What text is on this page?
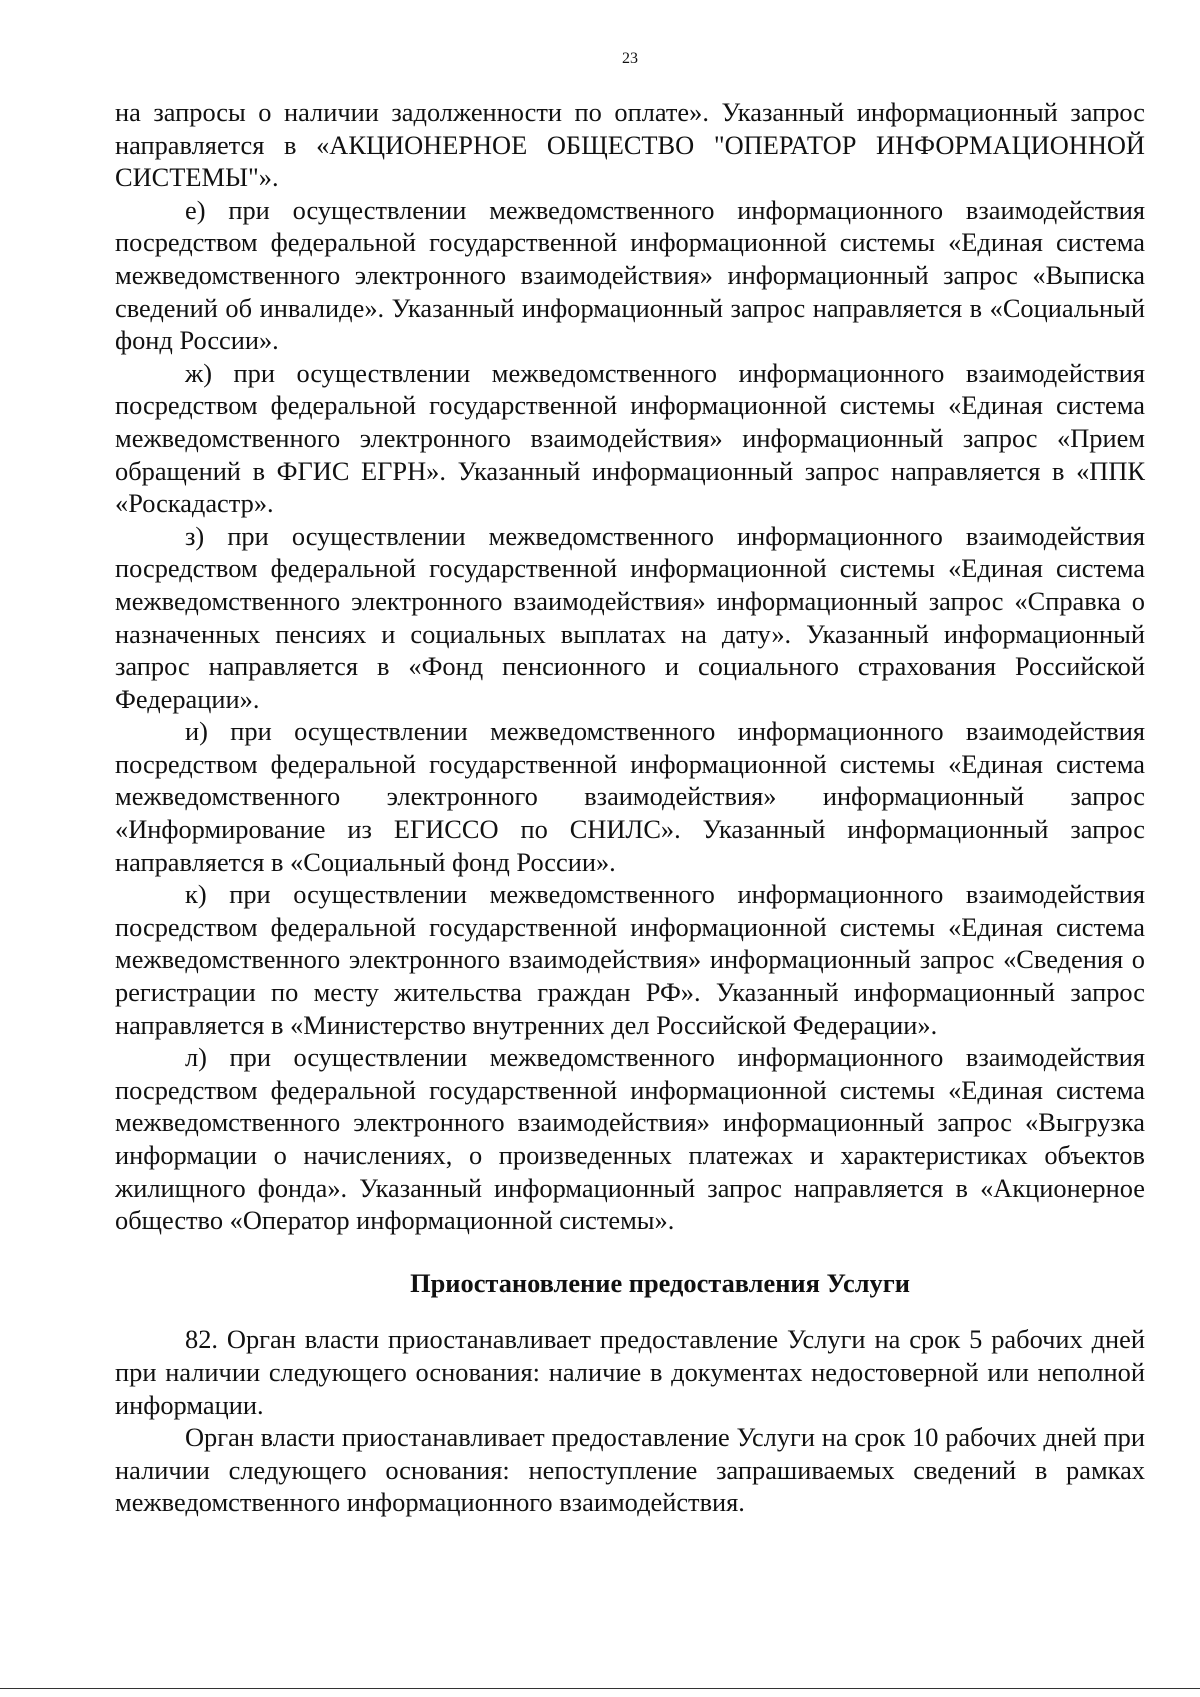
23

на запросы о наличии задолженности по оплате». Указанный информационный запрос направляется в «АКЦИОНЕРНОЕ ОБЩЕСТВО "ОПЕРАТОР ИНФОРМАЦИОННОЙ СИСТЕМЫ"».

е) при осуществлении межведомственного информационного взаимодействия посредством федеральной государственной информационной системы «Единая система межведомственного электронного взаимодействия» информационный запрос «Выписка сведений об инвалиде». Указанный информационный запрос направляется в «Социальный фонд России».

ж) при осуществлении межведомственного информационного взаимодействия посредством федеральной государственной информационной системы «Единая система межведомственного электронного взаимодействия» информационный запрос «Прием обращений в ФГИС ЕГРН». Указанный информационный запрос направляется в «ППК «Роскадастр».

з) при осуществлении межведомственного информационного взаимодействия посредством федеральной государственной информационной системы «Единая система межведомственного электронного взаимодействия» информационный запрос «Справка о назначенных пенсиях и социальных выплатах на дату». Указанный информационный запрос направляется в «Фонд пенсионного и социального страхования Российской Федерации».

и) при осуществлении межведомственного информационного взаимодействия посредством федеральной государственной информационной системы «Единая система межведомственного электронного взаимодействия» информационный запрос «Информирование из ЕГИССО по СНИЛС». Указанный информационный запрос направляется в «Социальный фонд России».

к) при осуществлении межведомственного информационного взаимодействия посредством федеральной государственной информационной системы «Единая система межведомственного электронного взаимодействия» информационный запрос «Сведения о регистрации по месту жительства граждан РФ». Указанный информационный запрос направляется в «Министерство внутренних дел Российской Федерации».

л) при осуществлении межведомственного информационного взаимодействия посредством федеральной государственной информационной системы «Единая система межведомственного электронного взаимодействия» информационный запрос «Выгрузка информации о начислениях, о произведенных платежах и характеристиках объектов жилищного фонда». Указанный информационный запрос направляется в «Акционерное общество «Оператор информационной системы».

Приостановление предоставления Услуги

82. Орган власти приостанавливает предоставление Услуги на срок 5 рабочих дней при наличии следующего основания: наличие в документах недостоверной или неполной информации.

Орган власти приостанавливает предоставление Услуги на срок 10 рабочих дней при наличии следующего основания: непоступление запрашиваемых сведений в рамках межведомственного информационного взаимодействия.
